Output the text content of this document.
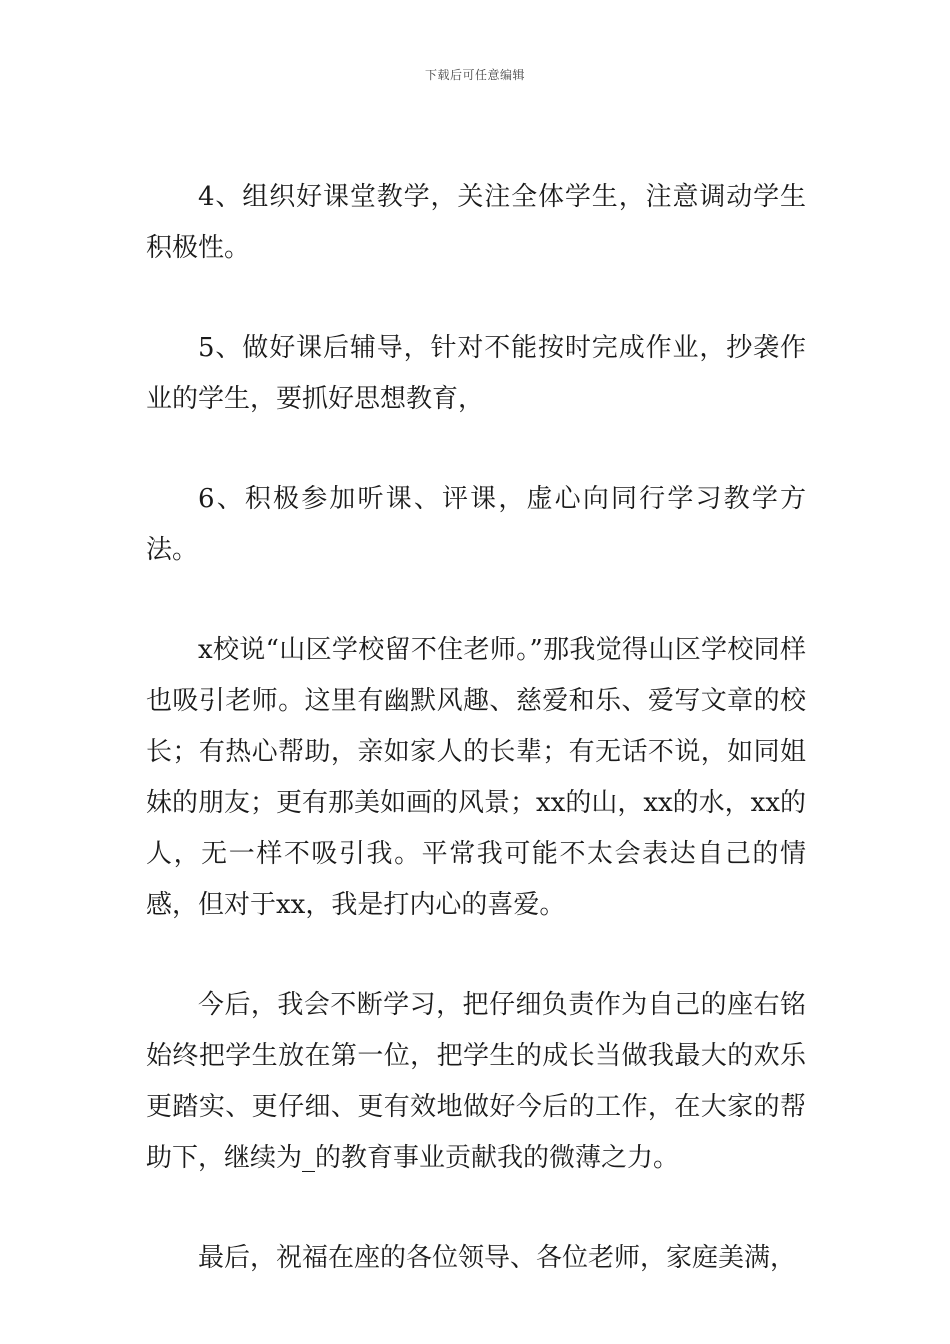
下载后可任意编辑

4、组织好课堂教学，关注全体学生，注意调动学生积极性。

5、做好课后辅导，针对不能按时完成作业，抄袭作业的学生，要抓好思想教育，

6、积极参加听课、评课，虚心向同行学习教学方法。

x校说“山区学校留不住老师。”那我觉得山区学校同样也吸引老师。这里有幽默风趣、慈爱和乐、爱写文章的校长；有热心帮助，亲如家人的长辈；有无话不说，如同姐妹的朋友；更有那美如画的风景；xx的山，xx的水，xx的人，无一样不吸引我。平常我可能不太会表达自己的情感，但对于xx，我是打内心的喜爱。

今后，我会不断学习，把仔细负责作为自己的座右铭始终把学生放在第一位，把学生的成长当做我最大的欢乐更踏实、更仔细、更有效地做好今后的工作，在大家的帮助下，继续为_的教育事业贡献我的微薄之力。

最后，祝福在座的各位领导、各位老师，家庭美满，
